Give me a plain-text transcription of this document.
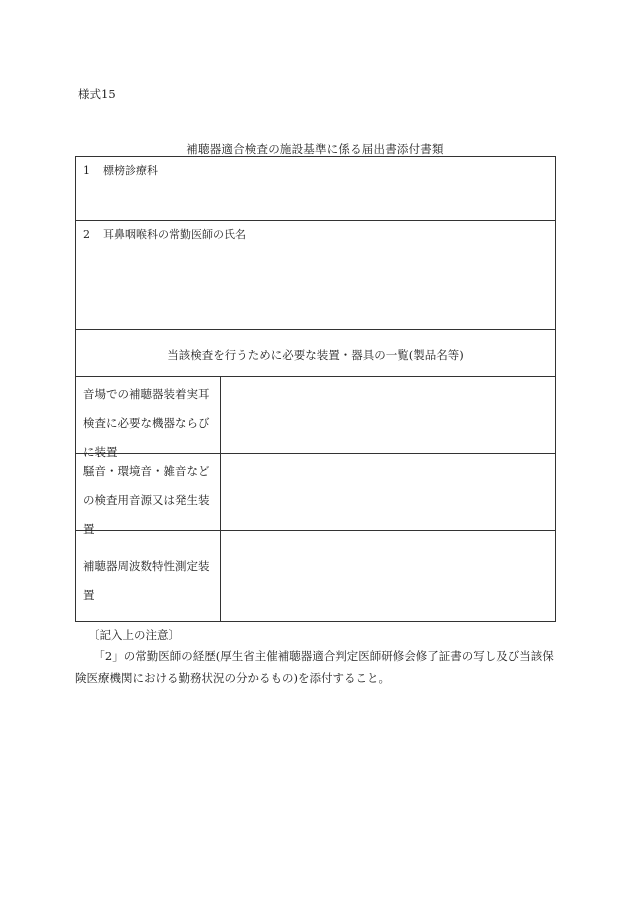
様式15
補聴器適合検査の施設基準に係る届出書添付書類
1 標榜診療科
2 耳鼻咽喉科の常勤医師の氏名
当該検査を行うために必要な装置・器具の一覧(製品名等)
音場での補聴器装着実耳
検査に必要な機器ならび
に装置
騒音・環境音・雑音など
の検査用音源又は発生装
置
補聴器周波数特性測定装
置
〔記入上の注意〕
「2」の常勤医師の経歴(厚生省主催補聴器適合判定医師研修会修了証書の写し及び当該保険医療機関における勤務状況の分かるもの)を添付すること。
